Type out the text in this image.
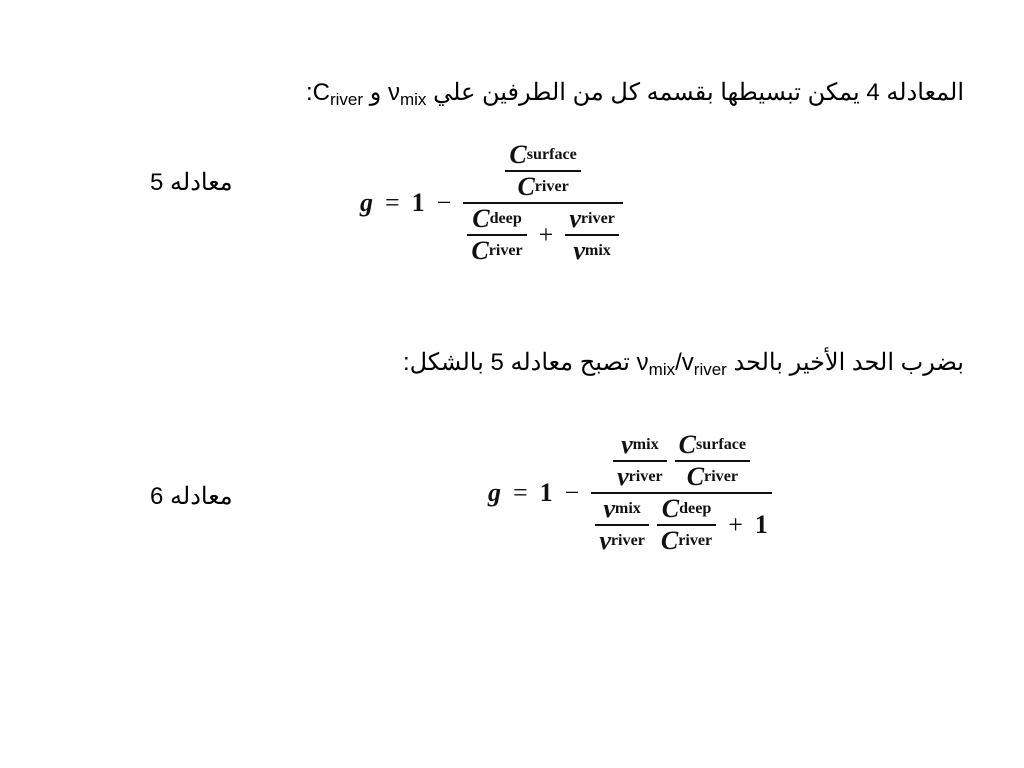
المعادله 4 يمكن تبسيطها بقسمه كل من الطرفين علي $\nu_{mix}$ و $C_{river}$:
معادله 5
g = 1 −
$\frac{\text{C surface}}{\text{C river}}$
$\frac{\text{C deep}}{\text{C river}} + \frac{\text{ν river}}{\text{ν mix}}$
بضرب الحد الأخير بالحد $\nu_{mix}/v_{river}$ تصبح معادله 5 بالشكل:
معادله 6	g = 1 −
$\frac{\text{ν mix}}{\text{ν river}} \frac{\text{C surface}}{\text{C river}}$
$\frac{\text{ν mix}}{\text{ν river}} \frac{\text{C deep}}{\text{C river}} + 1$
